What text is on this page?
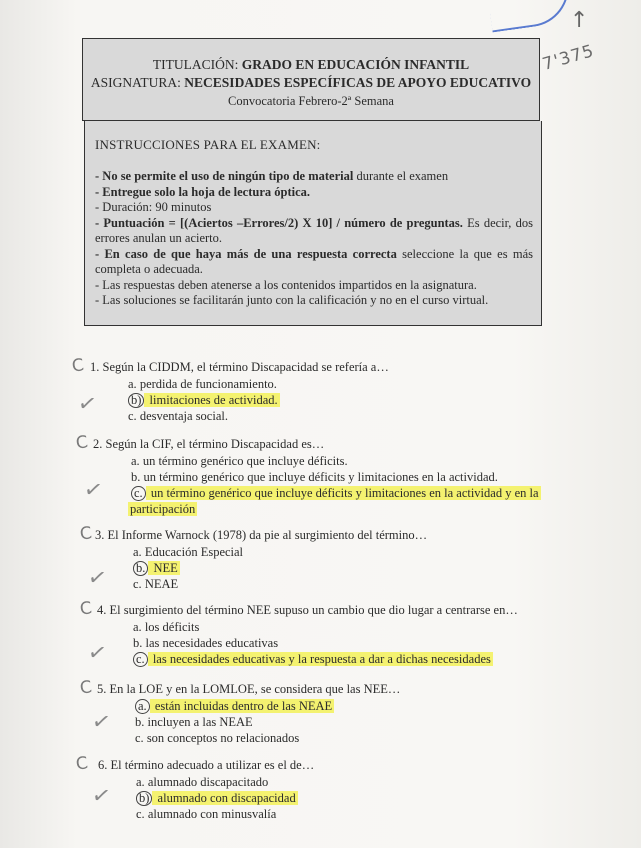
↑
7'375
TITULACIÓN: GRADO EN EDUCACIÓN INFANTIL
ASIGNATURA: NECESIDADES ESPECÍFICAS DE APOYO EDUCATIVO
Convocatoria Febrero-2ª Semana
INSTRUCCIONES PARA EL EXAMEN:
- No se permite el uso de ningún tipo de material durante el examen
- Entregue solo la hoja de lectura óptica.
- Duración: 90 minutos
- Puntuación = [(Aciertos –Errores/2) X 10] / número de preguntas. Es decir, dos errores anulan un acierto.
- En caso de que haya más de una respuesta correcta seleccione la que es más completa o adecuada.
- Las respuestas deben atenerse a los contenidos impartidos en la asignatura.
- Las soluciones se facilitarán junto con la calificación y no en el curso virtual.
C
✓
1. Según la CIDDM, el término Discapacidad se refería a…
a. perdida de funcionamiento.
b) limitaciones de actividad.
c. desventaja social.
C
✓
2. Según la CIF, el término Discapacidad es…
a. un término genérico que incluye déficits.
b. un término genérico que incluye déficits y limitaciones en la actividad.
c. un término genérico que incluye déficits y limitaciones en la actividad y en la
participación
C
✓
3. El Informe Warnock (1978) da pie al surgimiento del término…
a. Educación Especial
b. NEE
c. NEAE
C
✓
4. El surgimiento del término NEE supuso un cambio que dio lugar a centrarse en…
a. los déficits
b. las necesidades educativas
c. las necesidades educativas y la respuesta a dar a dichas necesidades
C
✓
5. En la LOE y en la LOMLOE, se considera que las NEE…
a. están incluidas dentro de las NEAE
b. incluyen a las NEAE
c. son conceptos no relacionados
C
✓
6. El término adecuado a utilizar es el de…
a. alumnado discapacitado
b) alumnado con discapacidad
c. alumnado con minusvalía
